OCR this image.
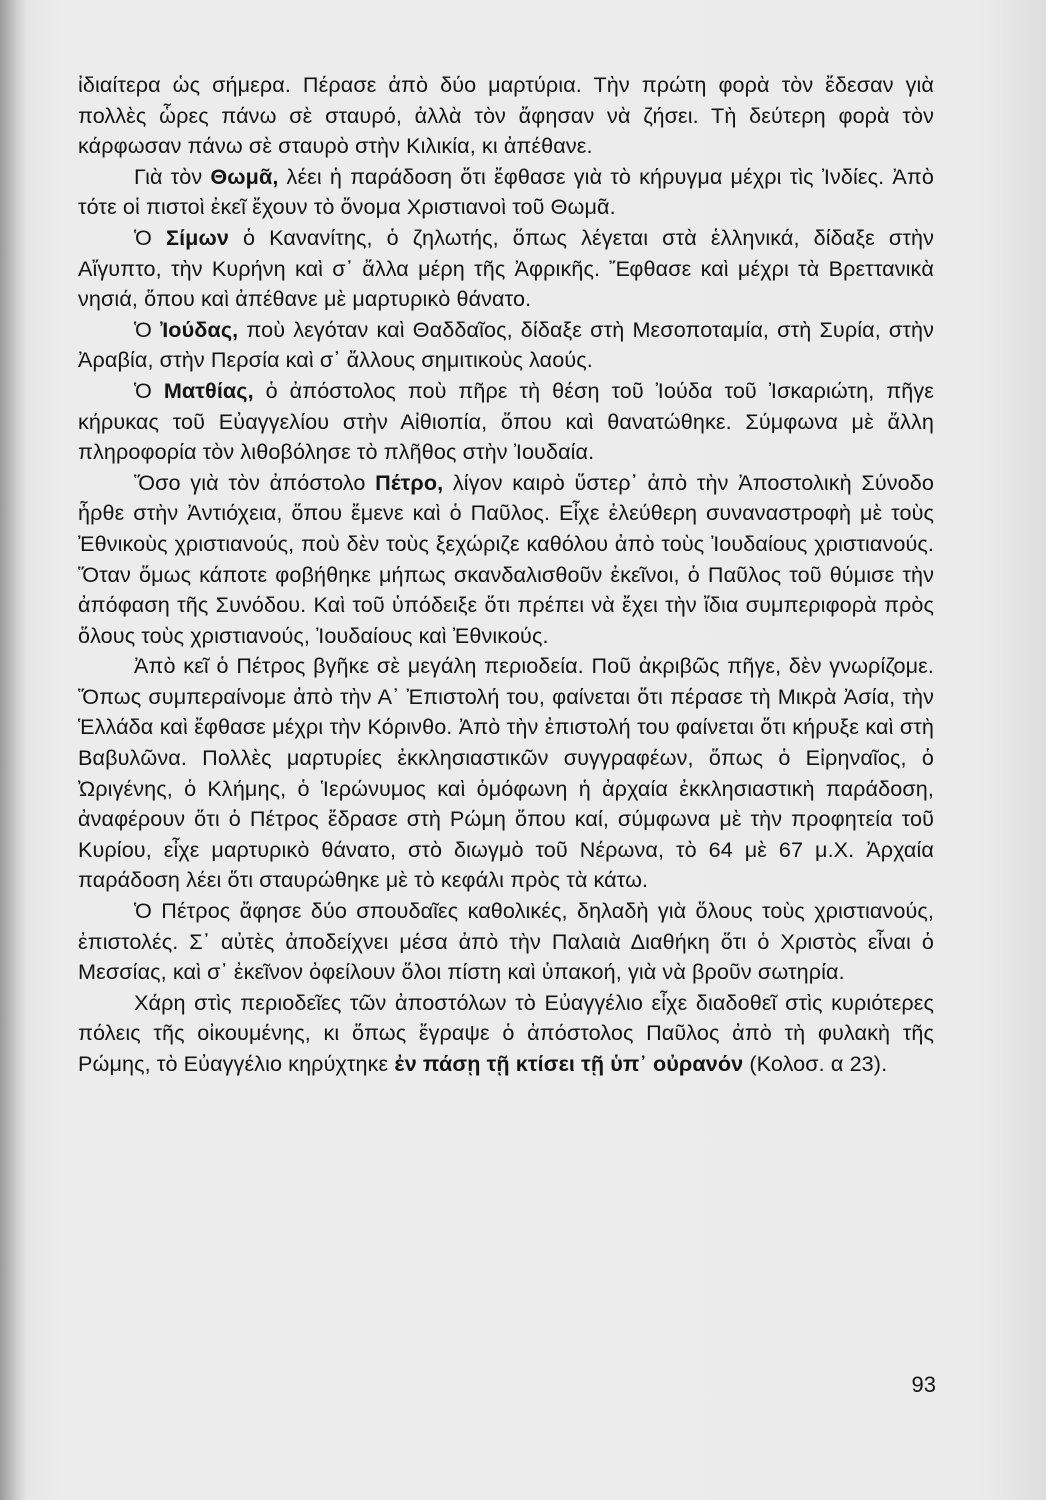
ἰδιαίτερα ὡς σήμερα. Πέρασε ἀπὸ δύο μαρτύρια. Τὴν πρώτη φορὰ τὸν ἔδεσαν γιὰ πολλὲς ὧρες πάνω σὲ σταυρό, ἀλλὰ τὸν ἄφησαν νὰ ζήσει. Τὴ δεύτερη φορὰ τὸν κάρφωσαν πάνω σὲ σταυρὸ στὴν Κιλικία, κι ἀπέθανε.

Γιὰ τὸν Θωμᾶ, λέει ἡ παράδοση ὅτι ἔφθασε γιὰ τὸ κήρυγμα μέχρι τὶς Ἰνδίες. Ἀπὸ τότε οἱ πιστοὶ ἐκεῖ ἔχουν τὸ ὄνομα Χριστιανοὶ τοῦ Θωμᾶ.

Ὁ Σίμων ὁ Κανανίτης, ὁ ζηλωτής, ὅπως λέγεται στὰ ἑλληνικά, δίδαξε στὴν Αἴγυπτο, τὴν Κυρήνη καὶ σ᾽ ἄλλα μέρη τῆς Ἀφρικῆς. Ἔφθασε καὶ μέχρι τὰ Βρεττανικὰ νησιά, ὅπου καὶ ἀπέθανε μὲ μαρτυρικὸ θάνατο.

Ὁ Ἰούδας, ποὺ λεγόταν καὶ Θαδδαῖος, δίδαξε στὴ Μεσοποταμία, στὴ Συρία, στὴν Ἀραβία, στὴν Περσία καὶ σ᾽ ἄλλους σημιτικοὺς λαούς.

Ὁ Ματθίας, ὁ ἀπόστολος ποὺ πῆρε τὴ θέση τοῦ Ἰούδα τοῦ Ἰσκαριώτη, πῆγε κήρυκας τοῦ Εὐαγγελίου στὴν Αἰθιοπία, ὅπου καὶ θανατώθηκε. Σύμφωνα μὲ ἄλλη πληροφορία τὸν λιθοβόλησε τὸ πλῆθος στὴν Ἰουδαία.

Ὅσο γιὰ τὸν ἀπόστολο Πέτρο, λίγον καιρὸ ὕστερ᾽ ἀπὸ τὴν Ἀποστολικὴ Σύνοδο ἦρθε στὴν Ἀντιόχεια, ὅπου ἔμενε καὶ ὁ Παῦλος. Εἶχε ἐλεύθερη συναναστροφὴ μὲ τοὺς Ἐθνικοὺς χριστιανούς, ποὺ δὲν τοὺς ξεχώριζε καθόλου ἀπὸ τοὺς Ἰουδαίους χριστιανούς. Ὅταν ὅμως κάποτε φοβήθηκε μήπως σκανδαλισθοῦν ἐκεῖνοι, ὁ Παῦλος τοῦ θύμισε τὴν ἀπόφαση τῆς Συνόδου. Καὶ τοῦ ὑπόδειξε ὅτι πρέπει νὰ ἔχει τὴν ἴδια συμπεριφορὰ πρὸς ὅλους τοὺς χριστιανούς, Ἰουδαίους καὶ Ἐθνικούς.

Ἀπὸ κεῖ ὁ Πέτρος βγῆκε σὲ μεγάλη περιοδεία. Ποῦ ἀκριβῶς πῆγε, δὲν γνωρίζομε. Ὅπως συμπεραίνομε ἀπὸ τὴν Α᾽ Ἐπιστολή του, φαίνεται ὅτι πέρασε τὴ Μικρὰ Ἀσία, τὴν Ἑλλάδα καὶ ἔφθασε μέχρι τὴν Κόρινθο. Ἀπὸ τὴν ἐπιστολή του φαίνεται ὅτι κήρυξε καὶ στὴ Βαβυλῶνα. Πολλὲς μαρτυρίες ἐκκλησιαστικῶν συγγραφέων, ὅπως ὁ Εἰρηναῖος, ὁ Ὠριγένης, ὁ Κλήμης, ὁ Ἱερώνυμος καὶ ὁμόφωνη ἡ ἀρχαία ἐκκλησιαστικὴ παράδοση, ἀναφέρουν ὅτι ὁ Πέτρος ἔδρασε στὴ Ρώμη ὅπου καί, σύμφωνα μὲ τὴν προφητεία τοῦ Κυρίου, εἶχε μαρτυρικὸ θάνατο, στὸ διωγμὸ τοῦ Νέρωνα, τὸ 64 μὲ 67 μ.Χ. Ἀρχαία παράδοση λέει ὅτι σταυρώθηκε μὲ τὸ κεφάλι πρὸς τὰ κάτω.

Ὁ Πέτρος ἄφησε δύο σπουδαῖες καθολικές, δηλαδὴ γιὰ ὅλους τοὺς χριστιανούς, ἐπιστολές. Σ᾽ αὐτὲς ἀποδείχνει μέσα ἀπὸ τὴν Παλαιὰ Διαθήκη ὅτι ὁ Χριστὸς εἶναι ὁ Μεσσίας, καὶ σ᾽ ἐκεῖνον ὀφείλουν ὅλοι πίστη καὶ ὑπακοή, γιὰ νὰ βροῦν σωτηρία.

Χάρη στὶς περιοδεῖες τῶν ἀποστόλων τὸ Εὐαγγέλιο εἶχε διαδοθεῖ στὶς κυριότερες πόλεις τῆς οἰκουμένης, κι ὅπως ἔγραψε ὁ ἀπόστολος Παῦλος ἀπὸ τὴ φυλακὴ τῆς Ρώμης, τὸ Εὐαγγέλιο κηρύχτηκε ἐν πάσῃ τῇ κτίσει τῇ ὑπ᾽ οὐρανόν (Κολοσ. α 23).

93
